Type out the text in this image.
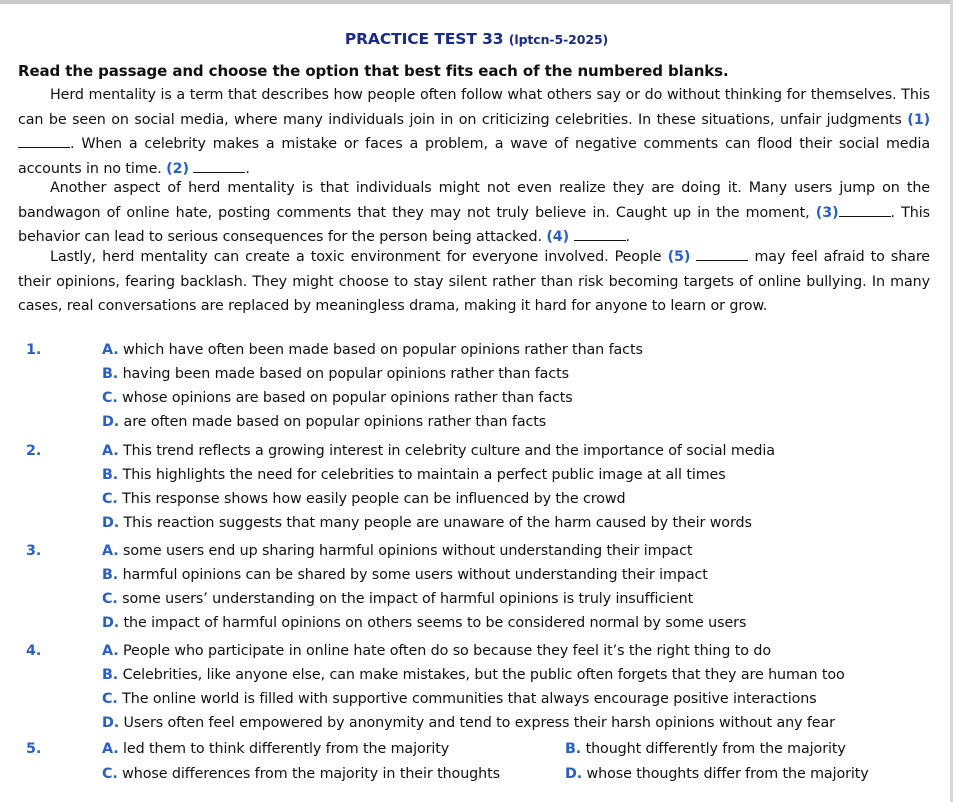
PRACTICE TEST 33 (lptcn-5-2025)
Read the passage and choose the option that best fits each of the numbered blanks.
Herd mentality is a term that describes how people often follow what others say or do without thinking for themselves. This can be seen on social media, where many individuals join in on criticizing celebrities. In these situations, unfair judgments (1) . When a celebrity makes a mistake or faces a problem, a wave of negative comments can flood their social media accounts in no time. (2)	.
Another aspect of herd mentality is that individuals might not even realize they are doing it. Many users jump on the bandwagon of online hate, posting comments that they may not truly believe in. Caught up in the moment, (3)	. This behavior can lead to serious consequences for the person being attacked. (4)	.
Lastly, herd mentality can create a toxic environment for everyone involved. People (5)	may feel afraid to share their opinions, fearing backlash. They might choose to stay silent rather than risk becoming targets of online bullying. In many cases, real conversations are replaced by meaningless drama, making it hard for anyone to learn or grow.
1.	A. which have often been made based on popular opinions rather than facts
B. having been made based on popular opinions rather than facts
C. whose opinions are based on popular opinions rather than facts
D. are often made based on popular opinions rather than facts
2.	A. This trend reflects a growing interest in celebrity culture and the importance of social media
B. This highlights the need for celebrities to maintain a perfect public image at all times
C. This response shows how easily people can be influenced by the crowd
D. This reaction suggests that many people are unaware of the harm caused by their words
3.	A. some users end up sharing harmful opinions without understanding their impact
B. harmful opinions can be shared by some users without understanding their impact
C. some users’ understanding on the impact of harmful opinions is truly insufficient
D. the impact of harmful opinions on others seems to be considered normal by some users
4.	A. People who participate in online hate often do so because they feel it’s the right thing to do
B. Celebrities, like anyone else, can make mistakes, but the public often forgets that they are human too
C. The online world is filled with supportive communities that always encourage positive interactions
D. Users often feel empowered by anonymity and tend to express their harsh opinions without any fear
5.	A. led them to think differently from the majority	B. thought differently from the majority
C. whose differences from the majority in their thoughts	D. whose thoughts differ from the majority
